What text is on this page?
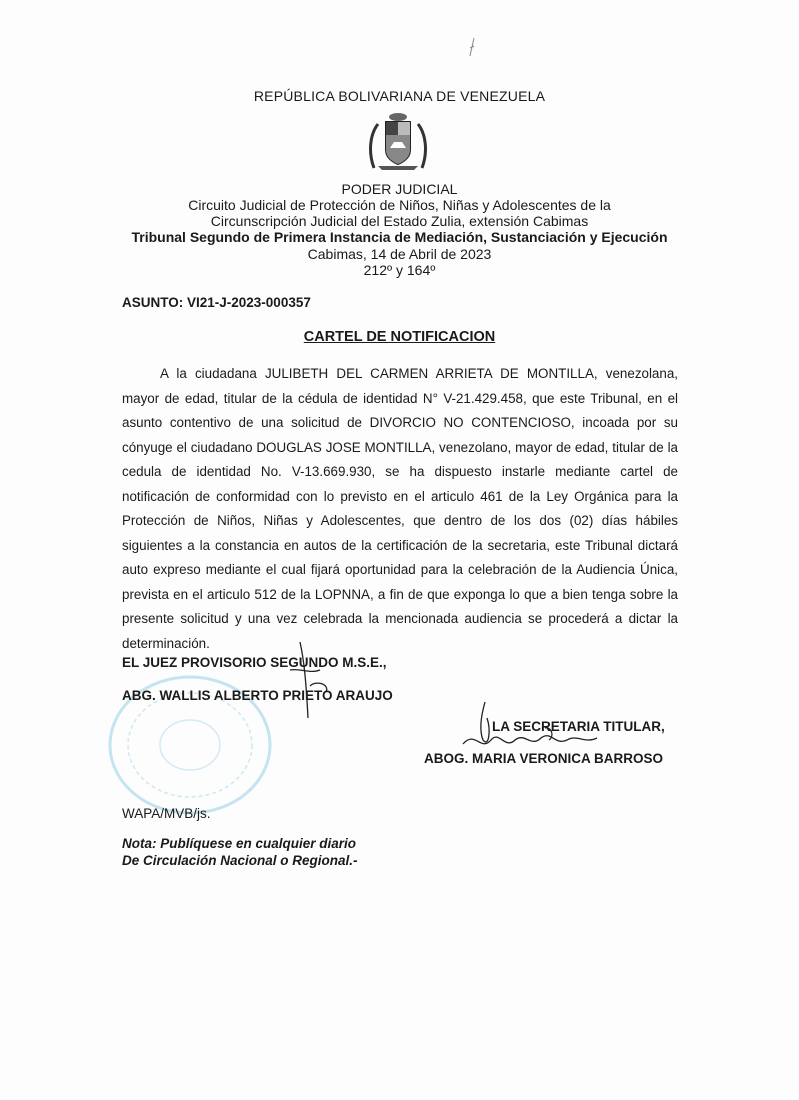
REPÚBLICA BOLIVARIANA DE VENEZUELA
PODER JUDICIAL
Circuito Judicial de Protección de Niños, Niñas y Adolescentes de la
Circunscripción Judicial del Estado Zulia, extensión Cabimas
Tribunal Segundo de Primera Instancia de Mediación, Sustanciación y Ejecución
Cabimas, 14 de Abril de 2023
212º y 164º
ASUNTO: VI21-J-2023-000357
CARTEL DE NOTIFICACION

A la ciudadana JULIBETH DEL CARMEN ARRIETA DE MONTILLA, venezolana, mayor de edad, titular de la cédula de identidad N° V-21.429.458, que este Tribunal, en el asunto contentivo de una solicitud de DIVORCIO NO CONTENCIOSO, incoada por su cónyuge el ciudadano DOUGLAS JOSE MONTILLA, venezolano, mayor de edad, titular de la cedula de identidad No. V-13.669.930, se ha dispuesto instarle mediante cartel de notificación de conformidad con lo previsto en el articulo 461 de la Ley Orgánica para la Protección de Niños, Niñas y Adolescentes, que dentro de los dos (02) días hábiles siguientes a la constancia en autos de la certificación de la secretaria, este Tribunal dictará auto expreso mediante el cual fijará oportunidad para la celebración de la Audiencia Única, prevista en el articulo 512 de la LOPNNA, a fin de que exponga lo que a bien tenga sobre la presente solicitud y una vez celebrada la mencionada audiencia se procederá a dictar la determinación.

EL JUEZ PROVISORIO SEGUNDO M.S.E.,
ABG. WALLIS ALBERTO PRIETO ARAUJO
LA SECRETARIA TITULAR,
ABOG. MARIA VERONICA BARROSO
WAPA/MVB/js.
Nota: Publíquese en cualquier diario
De Circulación Nacional o Regional.-
